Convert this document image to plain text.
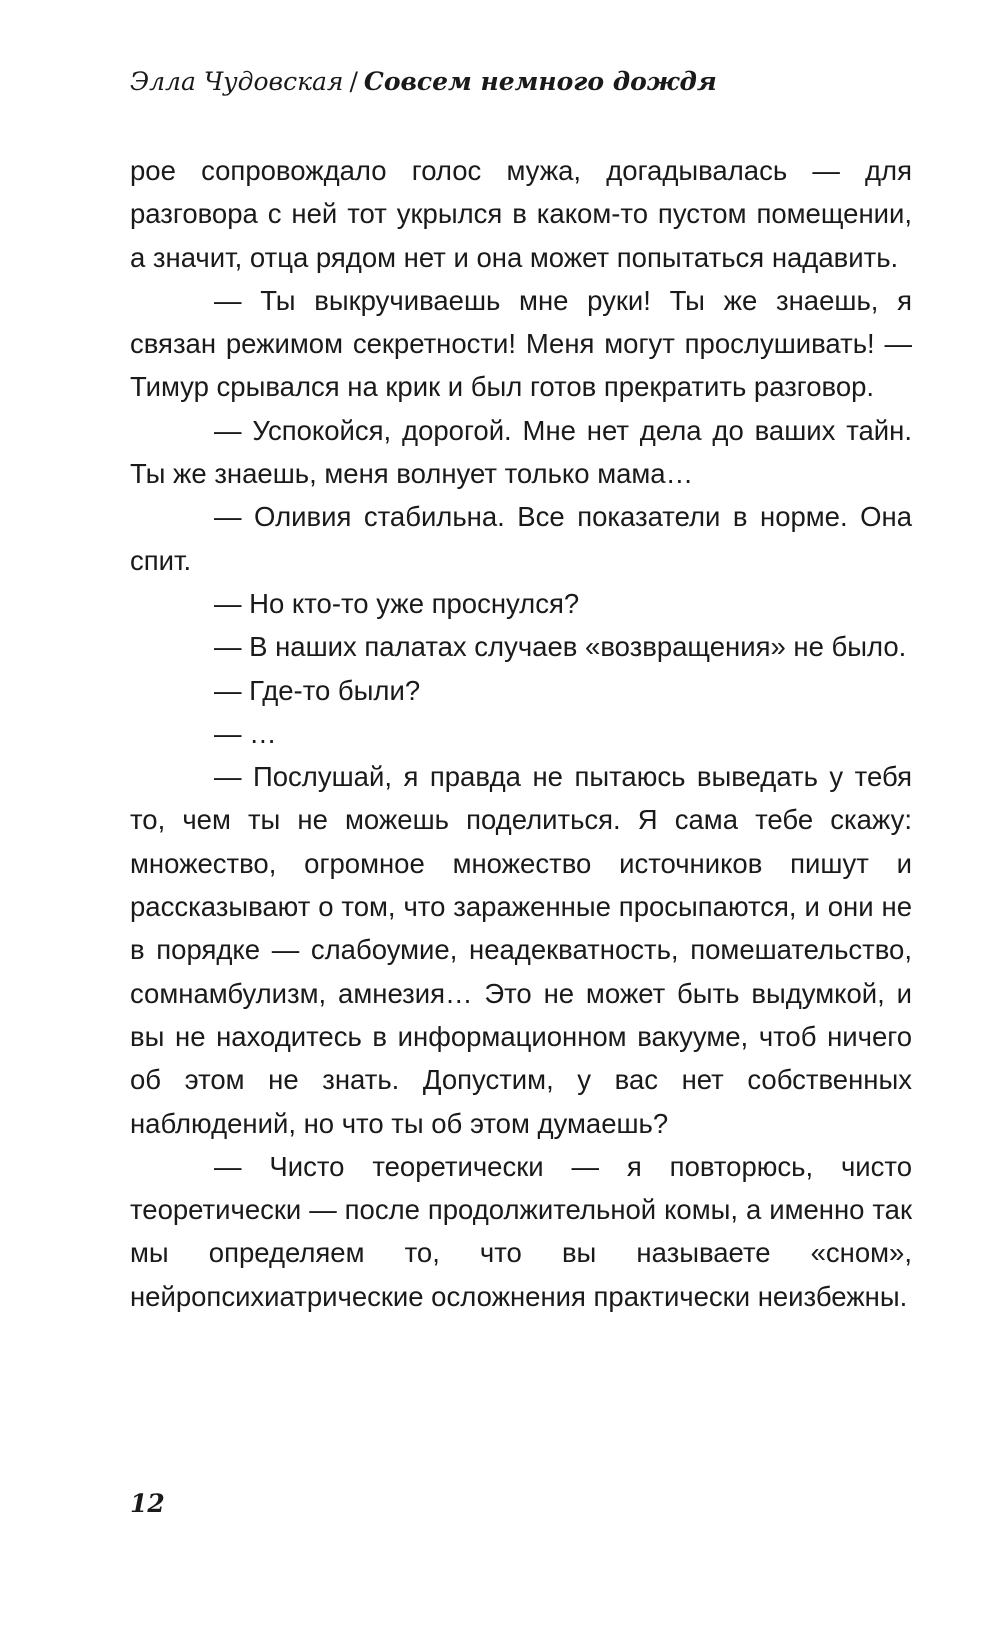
Элла Чудовская / Совсем немного дождя

рое сопровождало голос мужа, догадывалась — для разговора с ней тот укрылся в каком-то пустом помещении, а значит, отца рядом нет и она может попытаться надавить.

— Ты выкручиваешь мне руки! Ты же знаешь, я связан режимом секретности! Меня могут прослушивать! — Тимур срывался на крик и был готов прекратить разговор.

— Успокойся, дорогой. Мне нет дела до ваших тайн. Ты же знаешь, меня волнует только мама…

— Оливия стабильна. Все показатели в норме. Она спит.

— Но кто-то уже проснулся?

— В наших палатах случаев «возвращения» не было.

— Где-то были?

— …

— Послушай, я правда не пытаюсь выведать у тебя то, чем ты не можешь поделиться. Я сама тебе скажу: множество, огромное множество источников пишут и рассказывают о том, что зараженные просыпаются, и они не в порядке — слабоумие, неадекватность, помешательство, сомнамбулизм, амнезия… Это не может быть выдумкой, и вы не находитесь в информационном вакууме, чтоб ничего об этом не знать. Допустим, у вас нет собственных наблюдений, но что ты об этом думаешь?

— Чисто теоретически — я повторюсь, чисто теоретически — после продолжительной комы, а именно так мы определяем то, что вы называете «сном», нейропсихиатрические осложнения практически неизбежны.

12
